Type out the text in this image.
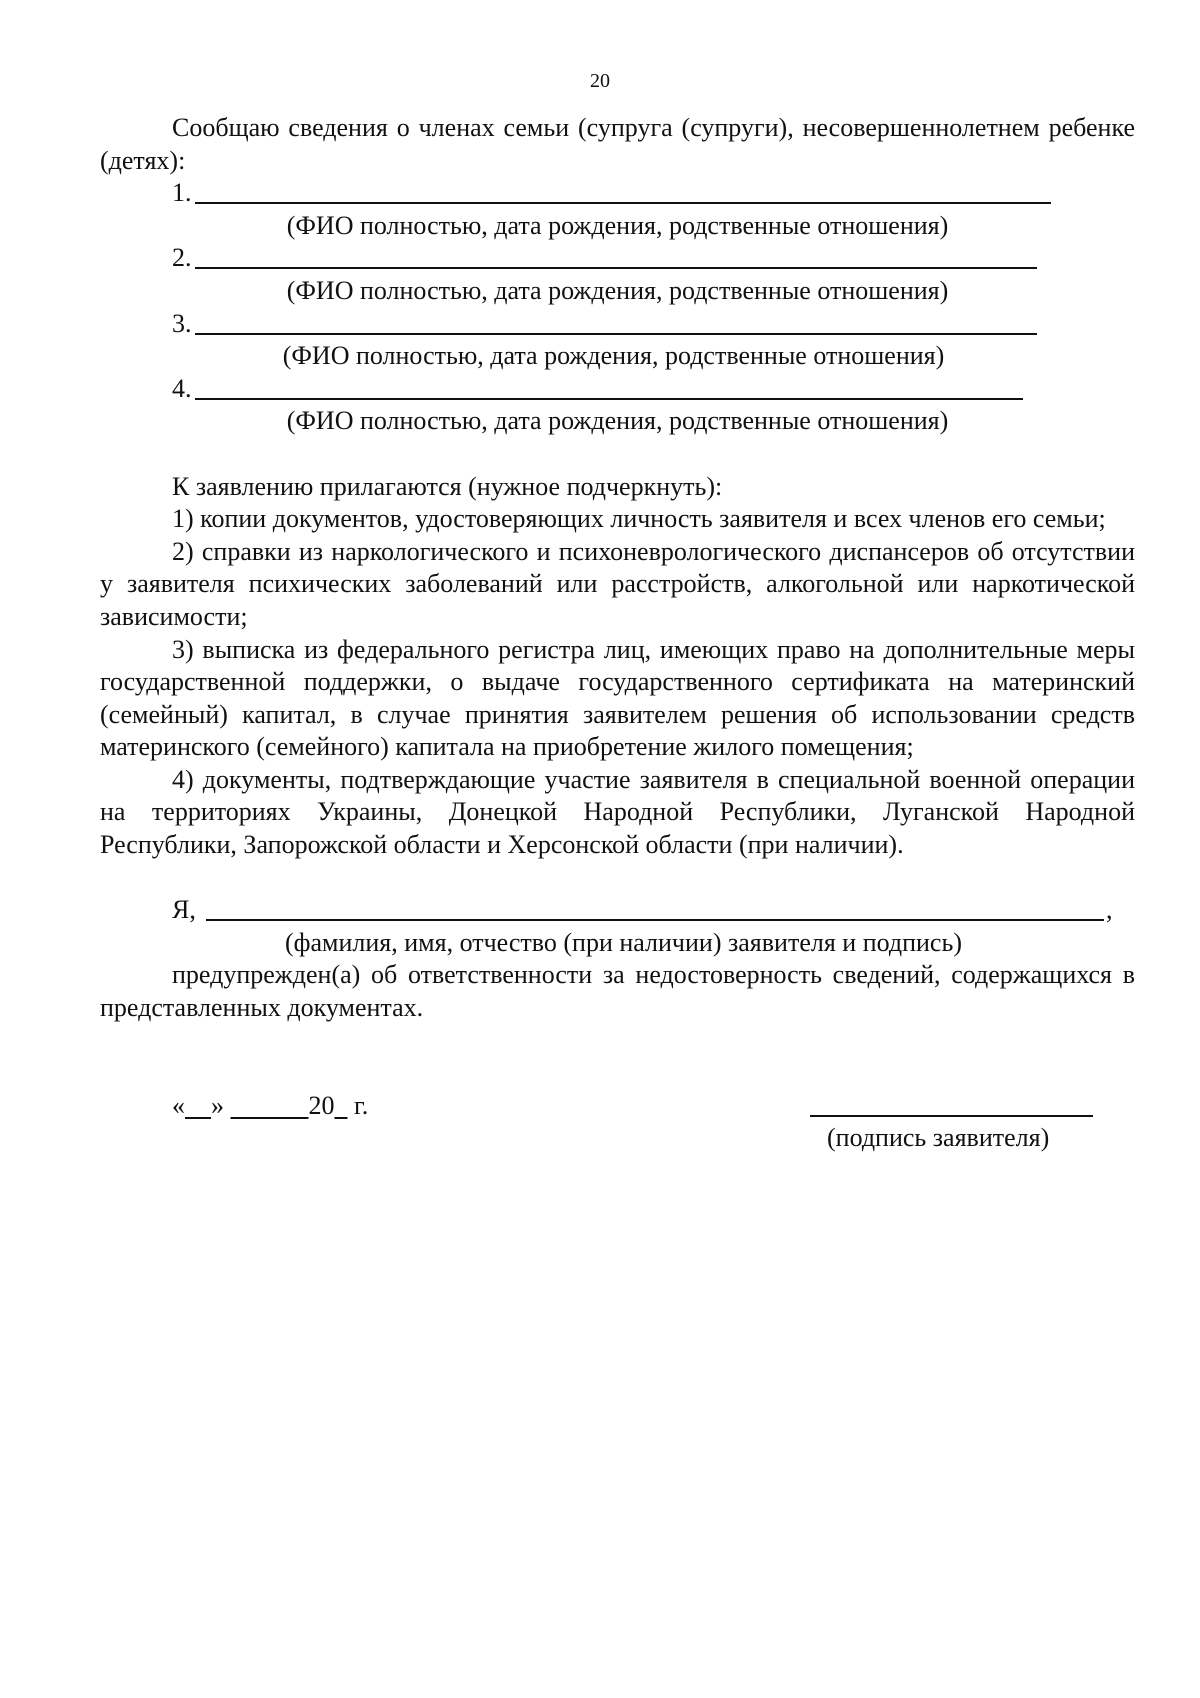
20

Сообщаю сведения о членах семьи (супруга (супруги), несовершеннолетнем ребенке (детях):

1.
(ФИО полностью, дата рождения, родственные отношения)
2.
(ФИО полностью, дата рождения, родственные отношения)
3.
(ФИО полностью, дата рождения, родственные отношения)
4.
(ФИО полностью, дата рождения, родственные отношения)

К заявлению прилагаются (нужное подчеркнуть):

1) копии документов, удостоверяющих личность заявителя и всех членов его семьи;

2) справки из наркологического и психоневрологического диспансеров об отсутствии у заявителя психических заболеваний или расстройств, алкогольной или наркотической зависимости;

3) выписка из федерального регистра лиц, имеющих право на дополнительные меры государственной поддержки, о выдаче государственного сертификата на материнский (семейный) капитал, в случае принятия заявителем решения об использовании средств материнского (семейного) капитала на приобретение жилого помещения;

4) документы, подтверждающие участие заявителя в специальной военной операции на территориях Украины, Донецкой Народной Республики, Луганской Народной Республики, Запорожской области и Херсонской области (при наличии).

Я,	,
(фамилия, имя, отчество (при наличии) заявителя и подпись)

предупрежден(а) об ответственности за недостоверность сведений, содержащихся в представленных документах.

« »	20 г.
(подпись заявителя)
